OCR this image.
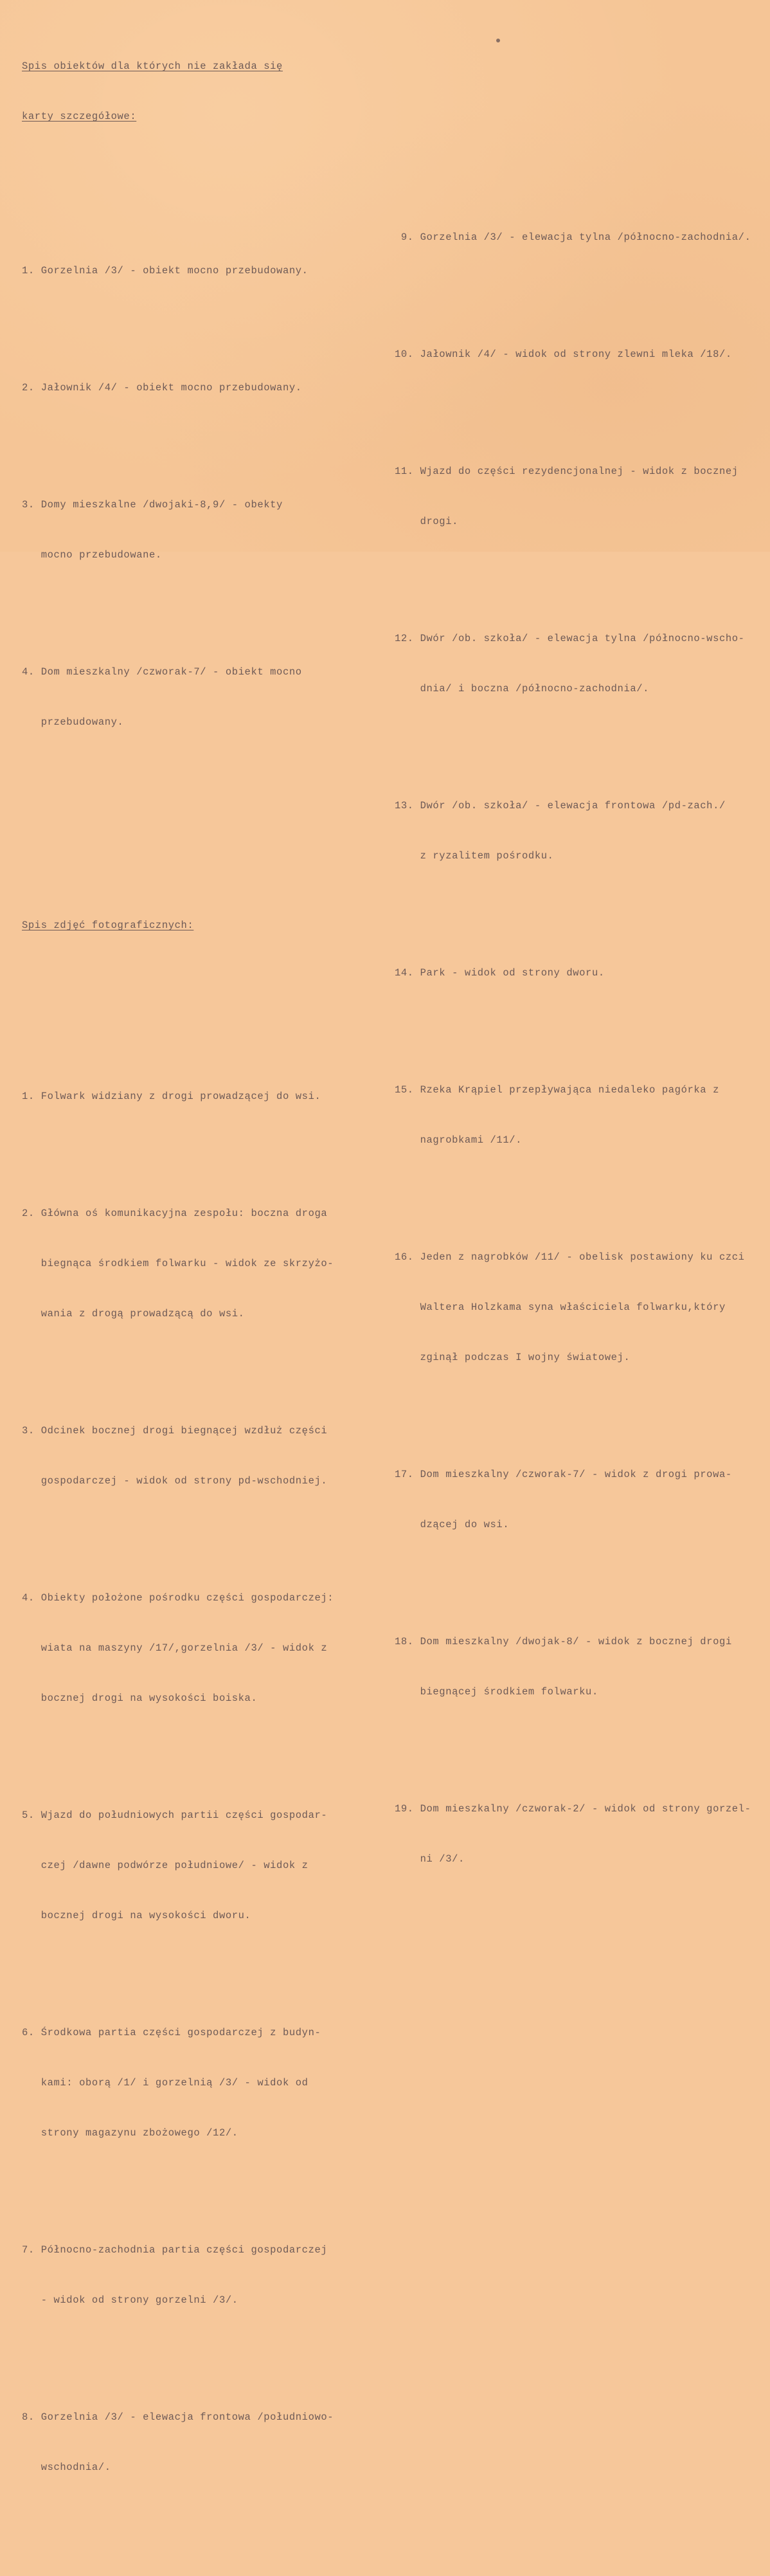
Spis obiektów dla których nie zakłada się

karty szczegółowe:

1. Gorzelnia /3/ - obiekt mocno przebudowany.

2. Jałownik /4/ - obiekt mocno przebudowany.

3. Domy mieszkalne /dwojaki-8,9/ - obekty

mocno przebudowane.

4. Dom mieszkalny /czworak-7/ - obiekt mocno

przebudowany.

Spis zdjęć fotograficznych:

1. Folwark widziany z drogi prowadzącej do wsi.

2. Główna oś komunikacyjna zespołu: boczna droga

biegnąca środkiem folwarku - widok ze skrzyżo-

wania z drogą prowadzącą do wsi.

3. Odcinek bocznej drogi biegnącej wzdłuż części

gospodarczej - widok od strony pd-wschodniej.

4. Obiekty położone pośrodku części gospodarczej:

wiata na maszyny /17/,gorzelnia /3/ - widok z

bocznej drogi na wysokości boiska.

5. Wjazd do południowych partii części gospodar-

czej /dawne podwórze południowe/ - widok z

bocznej drogi na wysokości dworu.

6. Środkowa partia części gospodarczej z budyn-

kami: oborą /1/ i gorzelnią /3/ - widok od

strony magazynu zbożowego /12/.

7. Północno-zachodnia partia części gospodarczej

- widok od strony gorzelni /3/.

8. Gorzelnia /3/ - elewacja frontowa /południowo-

wschodnia/.

9. Gorzelnia /3/ - elewacja tylna /północno-zachodnia/.

10. Jałownik /4/ - widok od strony zlewni mleka /18/.

11. Wjazd do części rezydencjonalnej - widok z bocznej

drogi.

12. Dwór /ob. szkoła/ - elewacja tylna /północno-wscho-

dnia/ i boczna /północno-zachodnia/.

13. Dwór /ob. szkoła/ - elewacja frontowa /pd-zach./

z ryzalitem pośrodku.

14. Park - widok od strony dworu.

15. Rzeka Krąpiel przepływająca niedaleko pagórka z

nagrobkami /11/.

16. Jeden z nagrobków /11/ - obelisk postawiony ku czci

Waltera Holzkama syna właściciela folwarku,który

zginął podczas I wojny światowej.

17. Dom mieszkalny /czworak-7/ - widok z drogi prowa-

dzącej do wsi.

18. Dom mieszkalny /dwojak-8/ - widok z bocznej drogi

biegnącej środkiem folwarku.

19. Dom mieszkalny /czworak-2/ - widok od strony gorzel-

ni /3/.
